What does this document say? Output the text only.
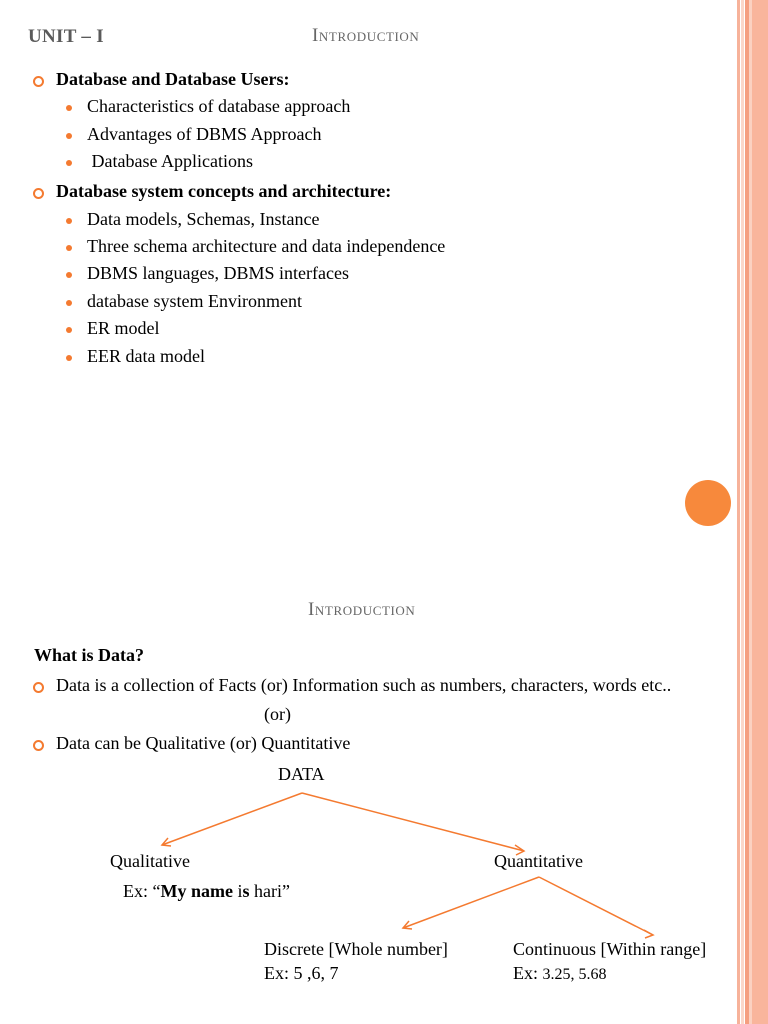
UNIT – I	Introduction
Database and Database Users:
Characteristics of database approach
Advantages of DBMS Approach
Database Applications
Database system concepts and architecture:
Data models, Schemas, Instance
Three schema architecture and data independence
DBMS languages, DBMS interfaces
database system Environment
ER model
EER data model
Introduction
What is Data?
Data is a collection of Facts (or) Information such as numbers, characters, words etc..
(or)
Data can be Qualitative (or) Quantitative
DATA
Qualitative
Ex: “My name is hari”
Quantitative
Discrete [Whole number]
Ex: 5 ,6, 7
Continuous [Within range]
Ex: 3.25, 5.68
